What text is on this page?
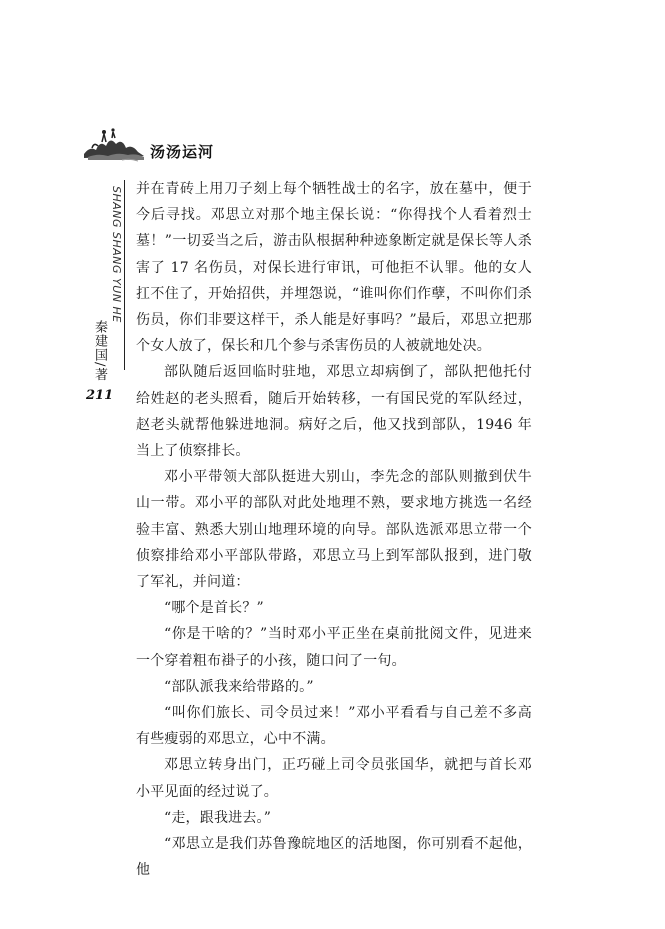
汤汤运河
SHANG SHANG YUN HE
秦建国/著
211

并在青砖上用刀子刻上每个牺牲战士的名字，放在墓中，便于今后寻找。邓思立对那个地主保长说：“你得找个人看着烈士墓！”一切妥当之后，游击队根据种种迹象断定就是保长等人杀害了 17 名伤员，对保长进行审讯，可他拒不认罪。他的女人扛不住了，开始招供，并埋怨说，“谁叫你们作孽，不叫你们杀伤员，你们非要这样干，杀人能是好事吗？”最后，邓思立把那个女人放了，保长和几个参与杀害伤员的人被就地处决。

部队随后返回临时驻地，邓思立却病倒了，部队把他托付给姓赵的老头照看，随后开始转移，一有国民党的军队经过，赵老头就帮他躲进地洞。病好之后，他又找到部队，1946 年当上了侦察排长。

邓小平带领大部队挺进大别山，李先念的部队则撤到伏牛山一带。邓小平的部队对此处地理不熟，要求地方挑选一名经验丰富、熟悉大别山地理环境的向导。部队选派邓思立带一个侦察排给邓小平部队带路，邓思立马上到军部队报到，进门敬了军礼，并问道：

“哪个是首长？”

“你是干啥的？”当时邓小平正坐在桌前批阅文件，见进来一个穿着粗布褂子的小孩，随口问了一句。

“部队派我来给带路的。”

“叫你们旅长、司令员过来！”邓小平看看与自己差不多高有些瘦弱的邓思立，心中不满。

邓思立转身出门，正巧碰上司令员张国华，就把与首长邓小平见面的经过说了。

“走，跟我进去。”

“邓思立是我们苏鲁豫皖地区的活地图，你可别看不起他，他
